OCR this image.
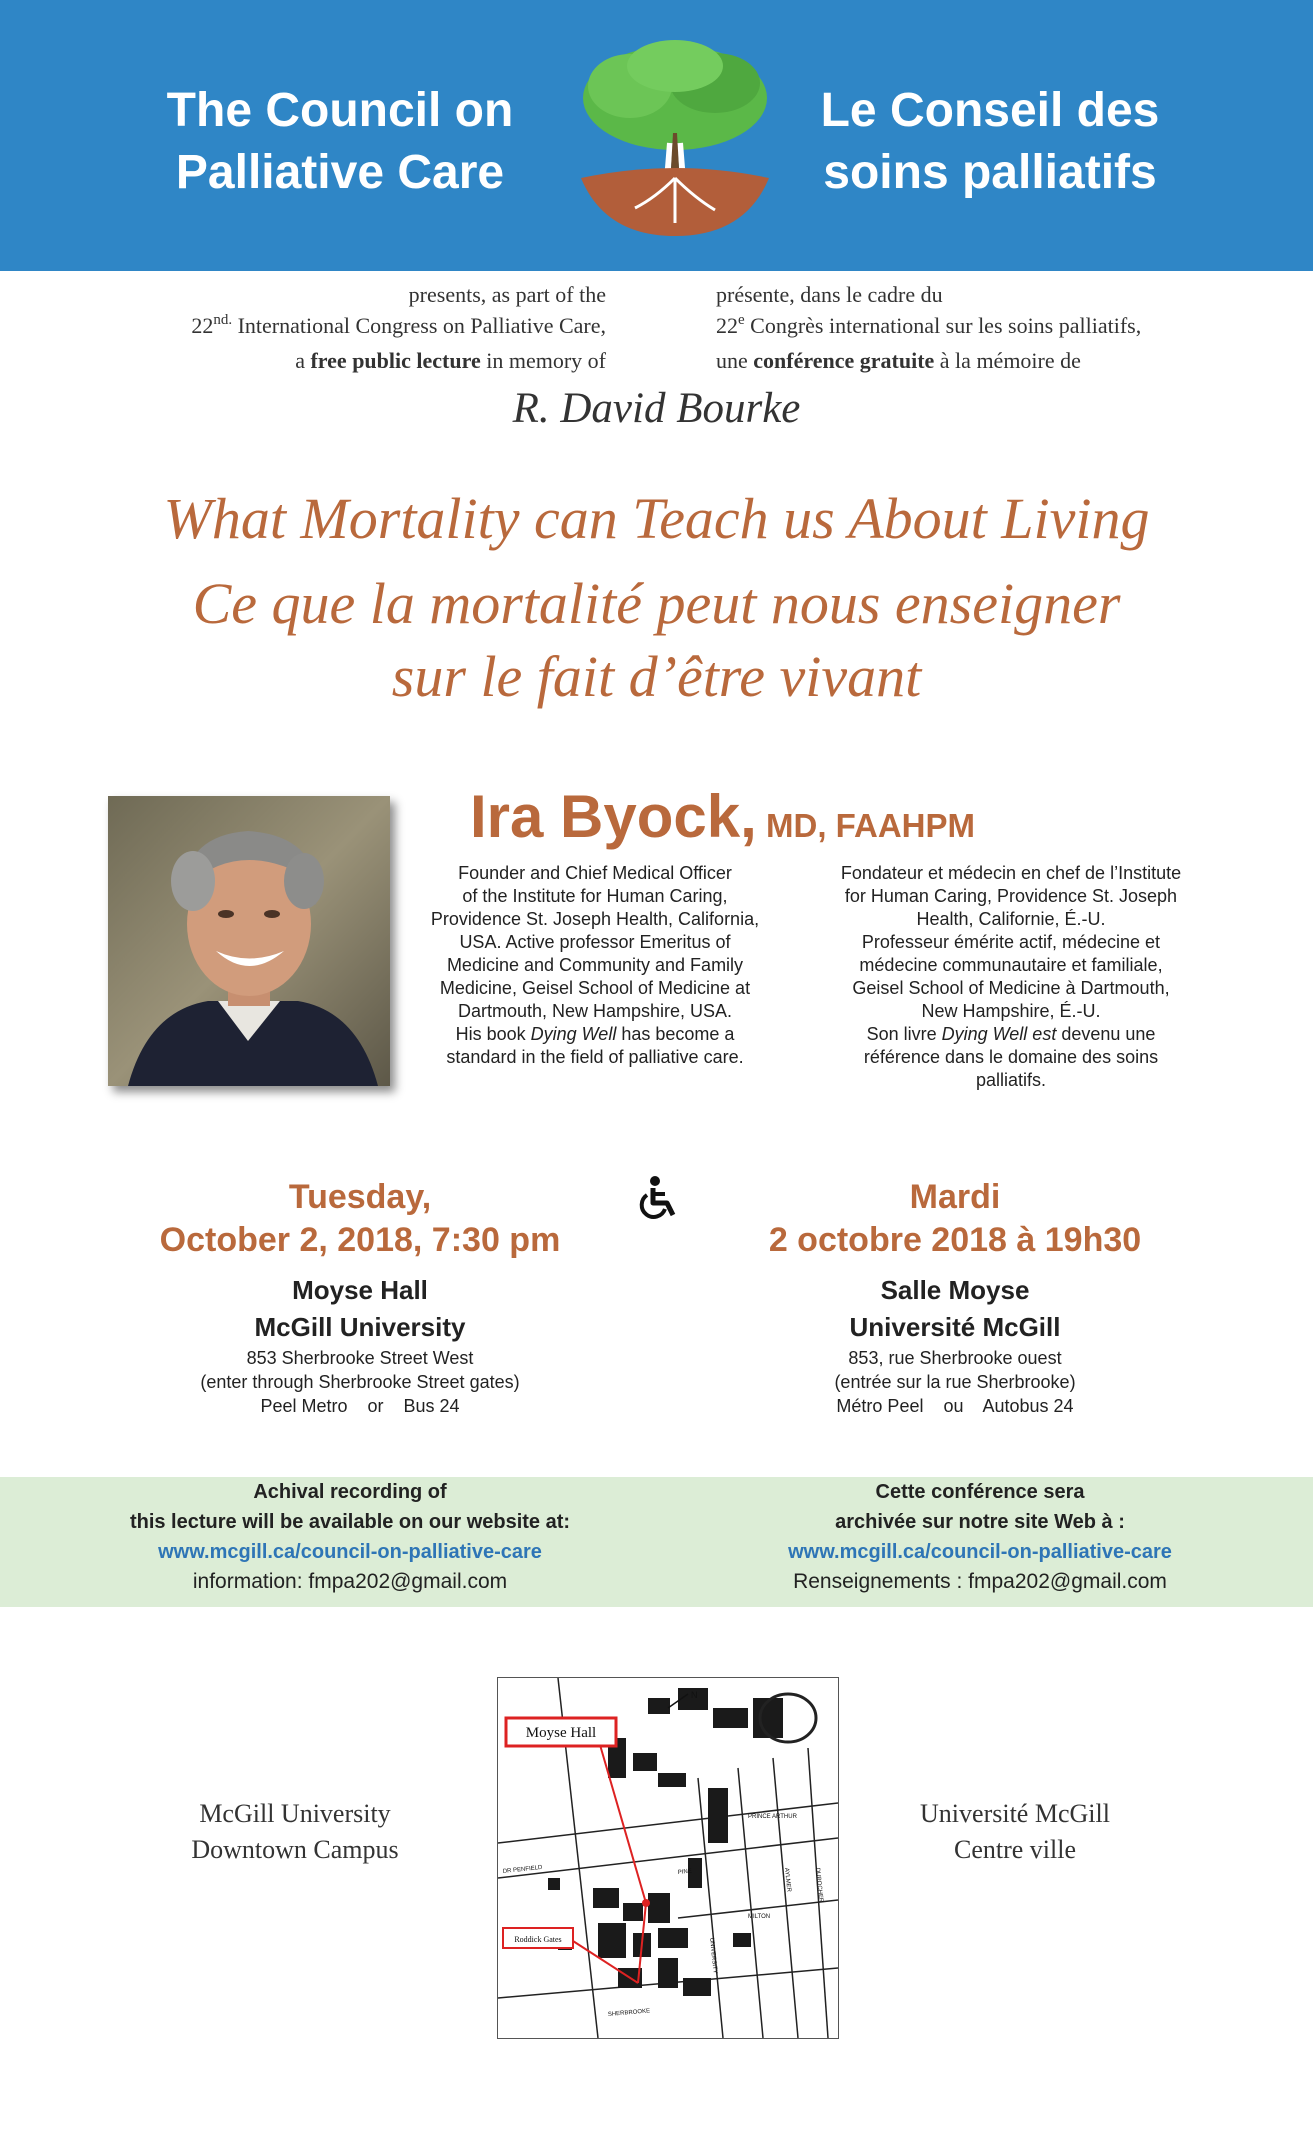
The Council on
Palliative Care
Le Conseil des
soins palliatifs
presents, as part of the
$22^{nd.}$ International Congress on Palliative Care,
a free public lecture in memory of
présente, dans le cadre du
22e Congrès international sur les soins palliatifs,
une conférence gratuite à la mémoire de
R. David Bourke
What Mortality can Teach us About Living
Ce que la mortalité peut nous enseigner
sur le fait d’être vivant
Ira Byock, MD, FAAHPM
Founder and Chief Medical Officer
of the Institute for Human Caring,
Providence St. Joseph Health, California,
USA. Active professor Emeritus of
Medicine and Community and Family
Medicine, Geisel School of Medicine at
Dartmouth, New Hampshire, USA.
His book Dying Well has become a
standard in the field of palliative care.
Fondateur et médecin en chef de l’Institute
for Human Caring, Providence St. Joseph
Health, Californie, É.-U.
Professeur émérite actif, médecine et
médecine communautaire et familiale,
Geisel School of Medicine à Dartmouth,
New Hampshire, É.-U.
Son livre Dying Well est devenu une
référence dans le domaine des soins
palliatifs.
Tuesday,
October 2, 2018, 7:30 pm
Moyse Hall
McGill University
853 Sherbrooke Street West
(enter through Sherbrooke Street gates)
Peel Metro    or    Bus 24
Mardi
2 octobre 2018 à 19h30
Salle Moyse
Université McGill
853, rue Sherbrooke ouest
(entrée sur la rue Sherbrooke)
Métro Peel    ou    Autobus 24
Achival recording of
this lecture will be available on our website at:
www.mcgill.ca/council-on-palliative-care
information: fmpa202@gmail.com
Cette conférence sera
archivée sur notre site Web à :
www.mcgill.ca/council-on-palliative-care
Renseignements : fmpa202@gmail.com
McGill University
Downtown Campus
Université McGill
Centre ville
Moyse Hall
Roddick Gates
PINE
DR PENFIELD
SHERBROOKE
MILTON
PRINCE ARTHUR
AYLMER
UNIVERSITY
DUROCHER
N
